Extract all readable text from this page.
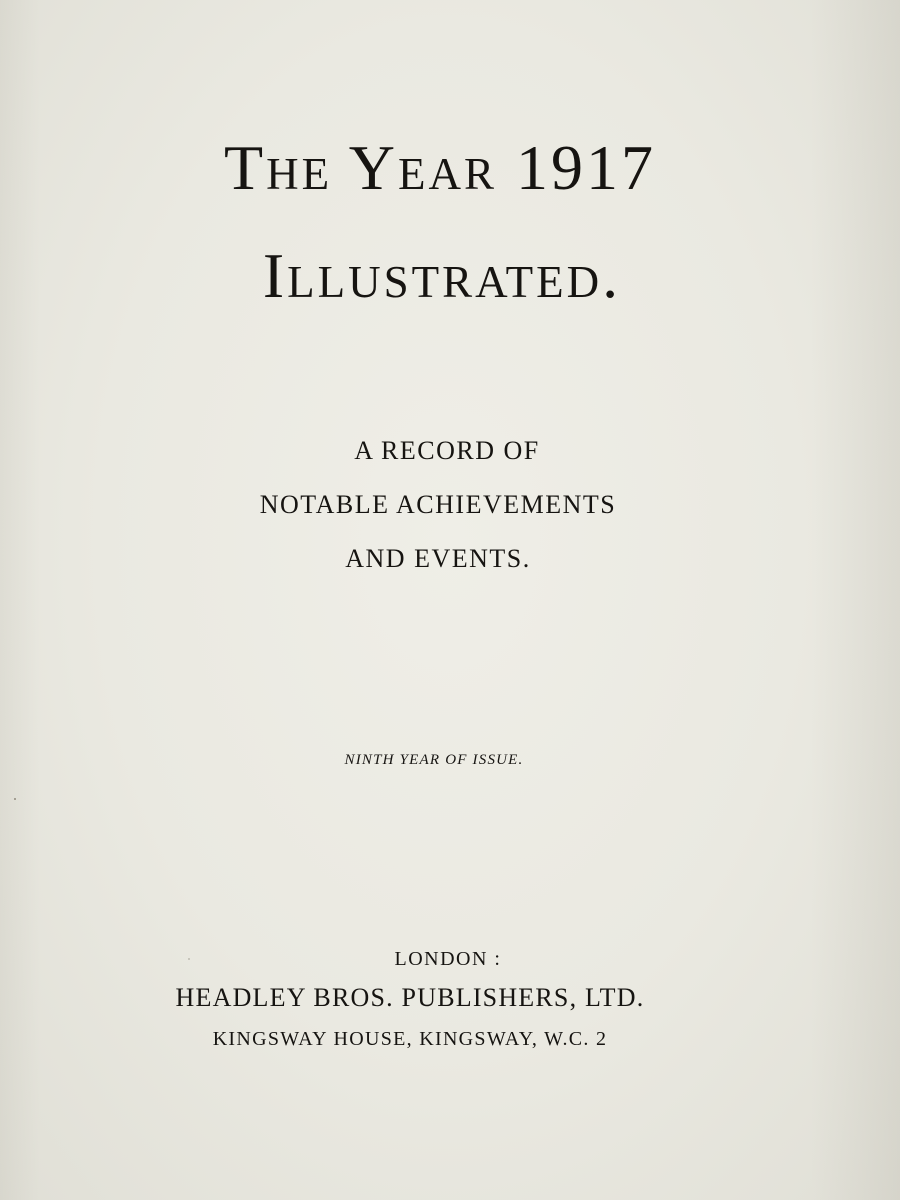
The Year 1917
Illustrated.
A RECORD OF
NOTABLE ACHIEVEMENTS
AND EVENTS.
NINTH YEAR OF ISSUE.
LONDON :
HEADLEY BROS. PUBLISHERS, LTD.
KINGSWAY HOUSE, KINGSWAY, W.C. 2
